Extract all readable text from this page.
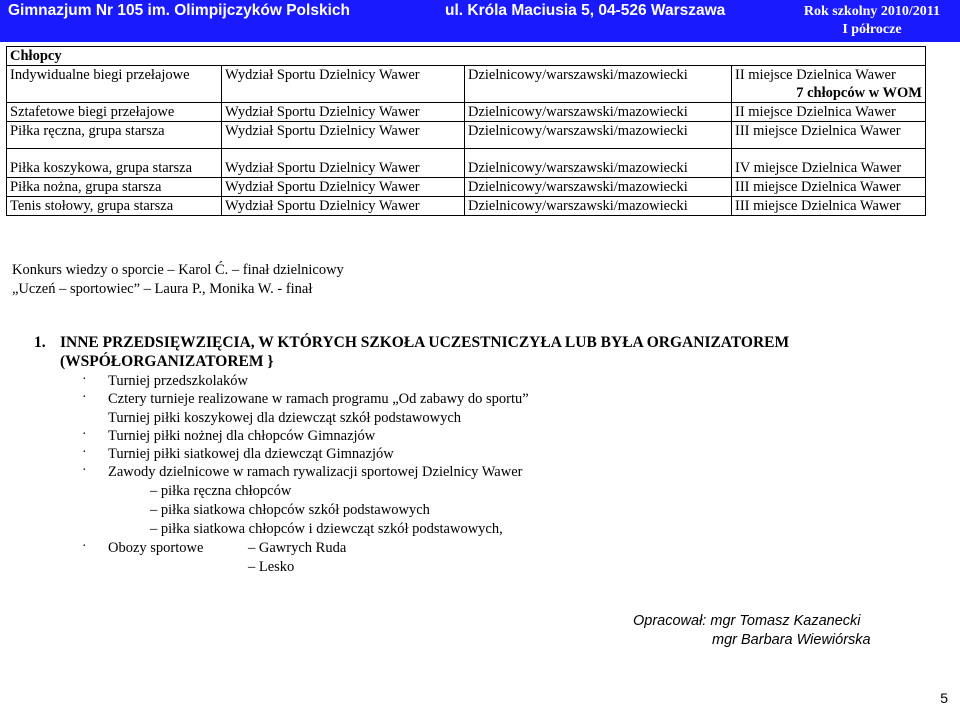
Gimnazjum Nr 105 im. Olimpijczyków Polskich	ul. Króla Maciusia 5, 04-526 Warszawa	Rok szkolny 2010/2011
I półrocze
Chłopcy			
Indywidualne biegi przełajowe	Wydział Sportu Dzielnicy Wawer	Dzielnicowy/warszawski/mazowiecki	II miejsce Dzielnica Wawer
7 chłopców w WOM

Sztafetowe biegi przełajowe	Wydział Sportu Dzielnicy Wawer	Dzielnicowy/warszawski/mazowiecki	II miejsce Dzielnica Wawer
Piłka ręczna, grupa starsza	Wydział Sportu Dzielnicy Wawer	Dzielnicowy/warszawski/mazowiecki	III miejsce Dzielnica Wawer
Piłka koszykowa, grupa starsza	Wydział Sportu Dzielnicy Wawer	Dzielnicowy/warszawski/mazowiecki	IV miejsce Dzielnica Wawer
Piłka nożna, grupa starsza	Wydział Sportu Dzielnicy Wawer	Dzielnicowy/warszawski/mazowiecki	III miejsce Dzielnica Wawer
Tenis stołowy, grupa starsza	Wydział Sportu Dzielnicy Wawer	Dzielnicowy/warszawski/mazowiecki	III miejsce Dzielnica Wawer
Konkurs wiedzy o sporcie – Karol Ć. – finał dzielnicowy
„Uczeń – sportowiec” – Laura P., Monika W. - finał
1. INNE PRZEDSIĘWZIĘCIA, W KTÓRYCH SZKOŁA UCZESTNICZYŁA LUB BYŁA ORGANIZATOREM
(WSPÓŁORGANIZATOREM }
· Turniej przedszkolaków
· Cztery turnieje realizowane w ramach programu „Od zabawy do sportu”
Turniej piłki koszykowej dla dziewcząt szkół podstawowych
· Turniej piłki nożnej dla chłopców Gimnazjów
· Turniej piłki siatkowej dla dziewcząt Gimnazjów
· Zawody dzielnicowe w ramach rywalizacji sportowej Dzielnicy Wawer
– piłka ręczna chłopców
– piłka siatkowa chłopców szkół podstawowych
– piłka siatkowa chłopców i dziewcząt szkół podstawowych,
· Obozy sportowe	– Gawrych Ruda
– Lesko
Opracował: mgr Tomasz Kazanecki
mgr Barbara Wiewiórska
5
